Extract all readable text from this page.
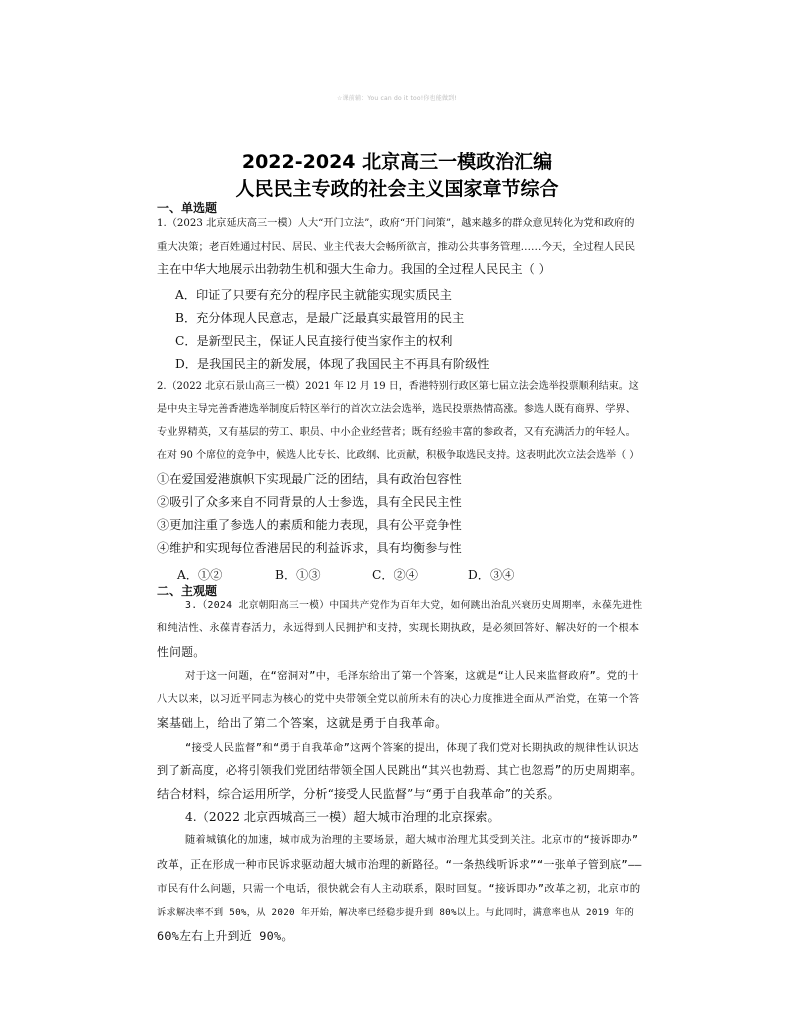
☆课前辅：You can do it too!你也能做到!
2022-2024 北京高三一模政治汇编
人民民主专政的社会主义国家章节综合
一、单选题
1.（2023 北京延庆高三一模）人大“开门立法”，政府“开门问策”，越来越多的群众意见转化为党和政府的
重大决策；老百姓通过村民、居民、业主代表大会畅所欲言，推动公共事务管理……今天，全过程人民民
主在中华大地展示出勃勃生机和强大生命力。我国的全过程人民民主（ ）
A．印证了只要有充分的程序民主就能实现实质民主
B．充分体现人民意志，是最广泛最真实最管用的民主
C．是新型民主，保证人民直接行使当家作主的权利
D．是我国民主的新发展，体现了我国民主不再具有阶级性
2.（2022 北京石景山高三一模）2021 年 l2 月 19 日，香港特别行政区第七届立法会选举投票顺利结束。这
是中央主导完善香港选举制度后特区举行的首次立法会选举，选民投票热情高涨。参选人既有商界、学界、
专业界精英，又有基层的劳工、职员、中小企业经营者；既有经验丰富的参政者，又有充满活力的年轻人。
在对 90 个席位的竞争中，候选人比专长、比政纲、比贡献，积极争取选民支持。这表明此次立法会选举（ ）
①在爱国爱港旗帜下实现最广泛的团结，具有政治包容性
②吸引了众多来自不同背景的人士参选，具有全民民主性
③更加注重了参选人的素质和能力表现，具有公平竞争性
④维护和实现每位香港居民的利益诉求，具有均衡参与性
A．①②	B．①③	C．②④	D．③④
二、主观题
3.（2024 北京朝阳高三一模）中国共产党作为百年大党，如何跳出治乱兴衰历史周期率，永葆先进性
和纯洁性、永葆青春活力，永远得到人民拥护和支持，实现长期执政，是必须回答好、解决好的一个根本
性问题。
对于这一问题，在“窑洞对”中，毛泽东给出了第一个答案，这就是“让人民来监督政府”。党的十
八大以来，以习近平同志为核心的党中央带领全党以前所未有的决心力度推进全面从严治党，在第一个答
案基础上，给出了第二个答案，这就是勇于自我革命。
“接受人民监督”和“勇于自我革命”这两个答案的提出，体现了我们党对长期执政的规律性认识达
到了新高度，必将引领我们党团结带领全国人民跳出“其兴也勃焉、其亡也忽焉”的历史周期率。
结合材料，综合运用所学，分析“接受人民监督”与“勇于自我革命”的关系。
4.（2022 北京西城高三一模）超大城市治理的北京探索。
随着城镇化的加速，城市成为治理的主要场景，超大城市治理尤其受到关注。北京市的“接诉即办”
改革，正在形成一种市民诉求驱动超大城市治理的新路径。“一条热线听诉求”“一张单子管到底”——
市民有什么问题，只需一个电话，很快就会有人主动联系，限时回复。“接诉即办”改革之初，北京市的
诉求解决率不到 50%，从 2020 年开始，解决率已经稳步提升到 80%以上。与此同时，满意率也从 2019 年的
60%左右上升到近 90%。
